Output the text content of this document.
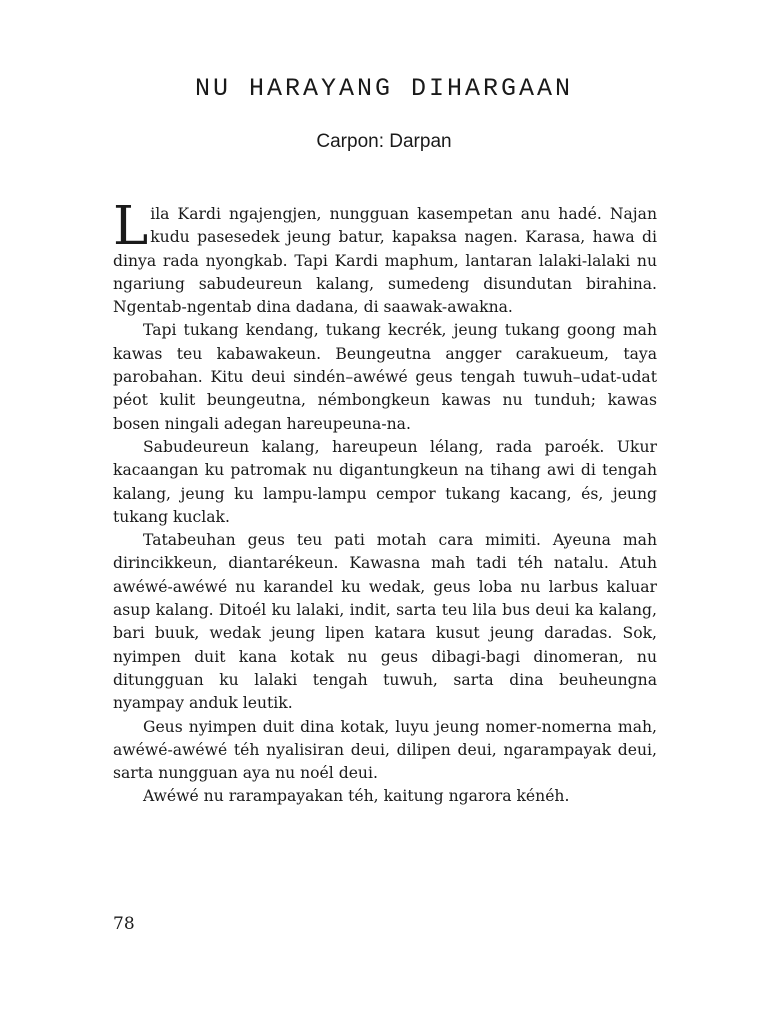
NU HARAYANG DIHARGAAN
Carpon: Darpan

Lila Kardi ngajengjen, nungguan kasempetan anu hadé. Najan kudu pasesedek jeung batur, kapaksa nagen. Karasa, hawa di dinya rada nyongkab. Tapi Kardi maphum, lantaran lalaki-lalaki nu ngariung sabudeureun kalang, sumedeng disundutan birahina. Ngentab-ngentab dina dadana, di saawak-awakna.

Tapi tukang kendang, tukang kecrék, jeung tukang goong mah kawas teu kabawakeun. Beungeutna angger carakueum, taya parobahan. Kitu deui sindén–awéwé geus tengah tuwuh–udat-udat péot kulit beungeutna, némbongkeun kawas nu tunduh; kawas bosen ningali adegan hareupeuna-na.

Sabudeureun kalang, hareupeun lélang, rada paroék. Ukur kacaangan ku patromak nu digantungkeun na tihang awi di tengah kalang, jeung ku lampu-lampu cempor tukang kacang, és, jeung tukang kuclak.

Tatabeuhan geus teu pati motah cara mimiti. Ayeuna mah dirincikkeun, diantarékeun. Kawasna mah tadi téh natalu. Atuh awéwé-awéwé nu karandel ku wedak, geus loba nu larbus kaluar asup kalang. Ditoél ku lalaki, indit, sarta teu lila bus deui ka kalang, bari buuk, wedak jeung lipen katara kusut jeung daradas. Sok, nyimpen duit kana kotak nu geus dibagi-bagi dinomeran, nu ditungguan ku lalaki tengah tuwuh, sarta dina beuheungna nyampay anduk leutik.

Geus nyimpen duit dina kotak, luyu jeung nomer-nomerna mah, awéwé-awéwé téh nyalisiran deui, dilipen deui, ngarampayak deui, sarta nungguan aya nu noél deui.

Awéwé nu rarampayakan téh, kaitung ngarora kénéh.

78
